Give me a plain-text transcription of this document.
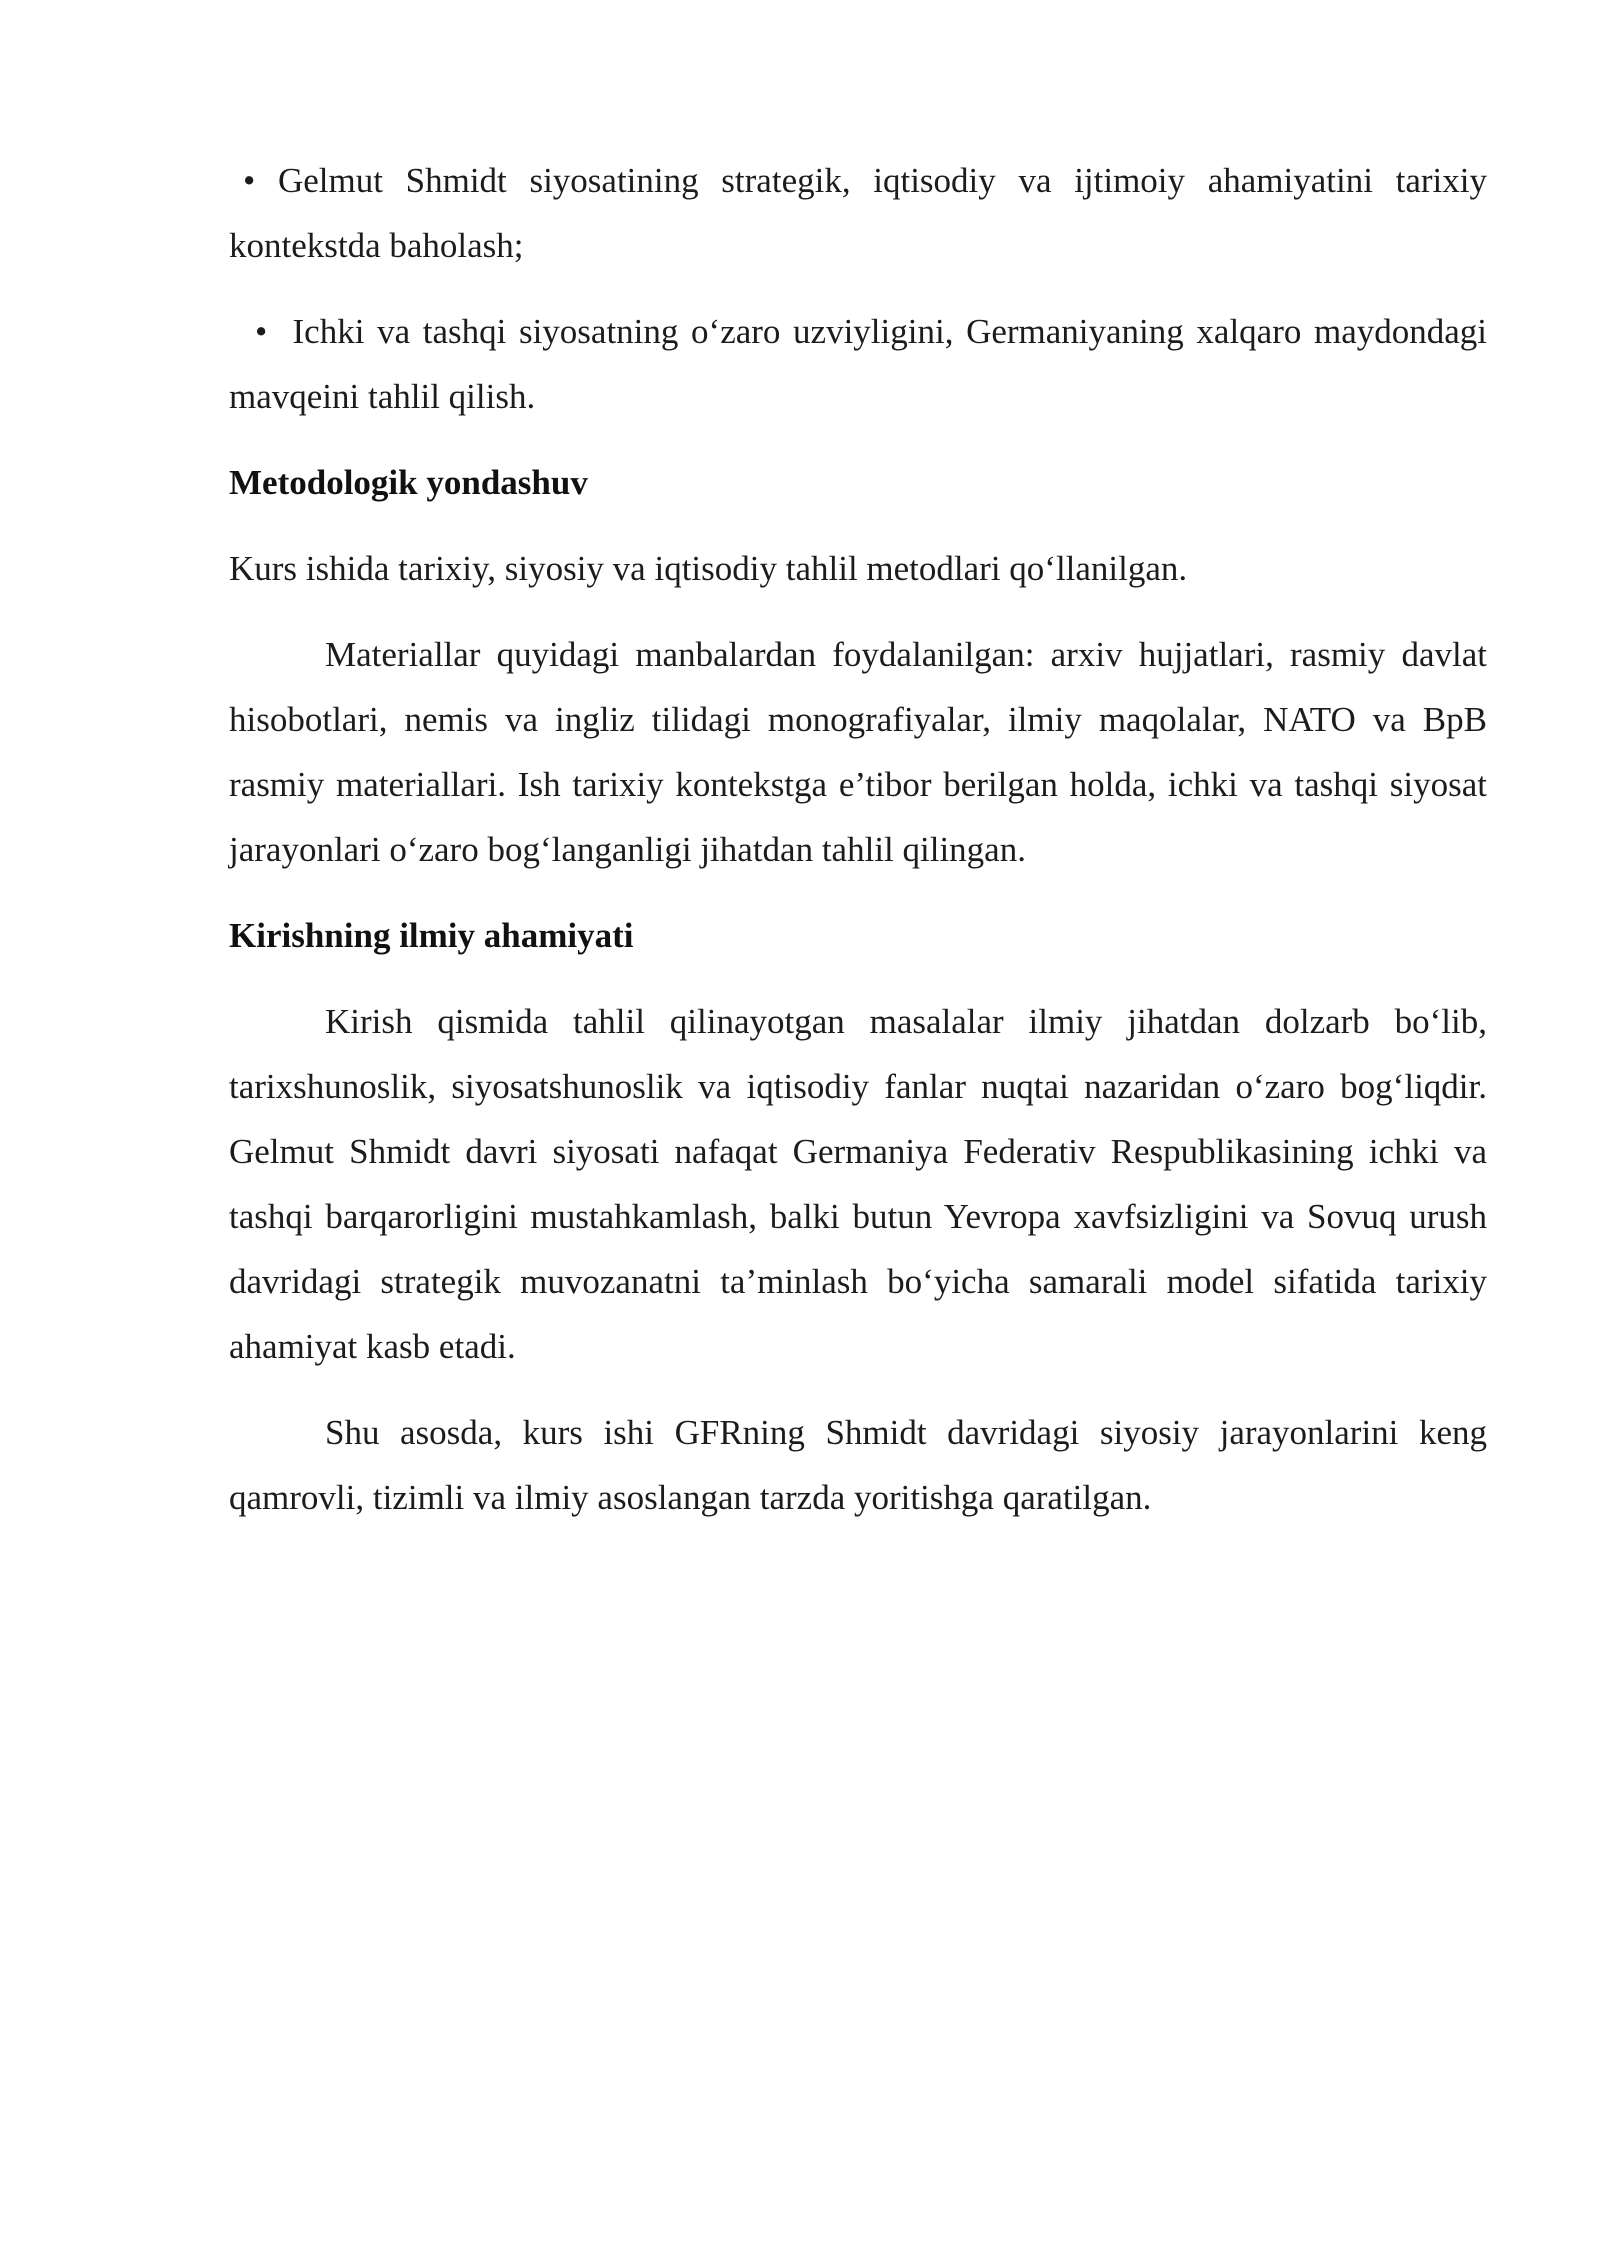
• Gelmut Shmidt siyosatining strategik, iqtisodiy va ijtimoiy ahamiyatini tarixiy kontekstda baholash;

• Ichki va tashqi siyosatning o‘zaro uzviyligini, Germaniyaning xalqaro maydondagi mavqeini tahlil qilish.

Metodologik yondashuv

Kurs ishida tarixiy, siyosiy va iqtisodiy tahlil metodlari qo‘llanilgan.

Materiallar quyidagi manbalardan foydalanilgan: arxiv hujjatlari, rasmiy davlat hisobotlari, nemis va ingliz tilidagi monografiyalar, ilmiy maqolalar, NATO va BpB rasmiy materiallari. Ish tarixiy kontekstga e’tibor berilgan holda, ichki va tashqi siyosat jarayonlari o‘zaro bog‘langanligi jihatdan tahlil qilingan.

Kirishning ilmiy ahamiyati

Kirish qismida tahlil qilinayotgan masalalar ilmiy jihatdan dolzarb bo‘lib, tarixshunoslik, siyosatshunoslik va iqtisodiy fanlar nuqtai nazaridan o‘zaro bog‘liqdir. Gelmut Shmidt davri siyosati nafaqat Germaniya Federativ Respublikasining ichki va tashqi barqarorligini mustahkamlash, balki butun Yevropa xavfsizligini va Sovuq urush davridagi strategik muvozanatni ta’minlash bo‘yicha samarali model sifatida tarixiy ahamiyat kasb etadi.

Shu asosda, kurs ishi GFRning Shmidt davridagi siyosiy jarayonlarini keng qamrovli, tizimli va ilmiy asoslangan tarzda yoritishga qaratilgan.
